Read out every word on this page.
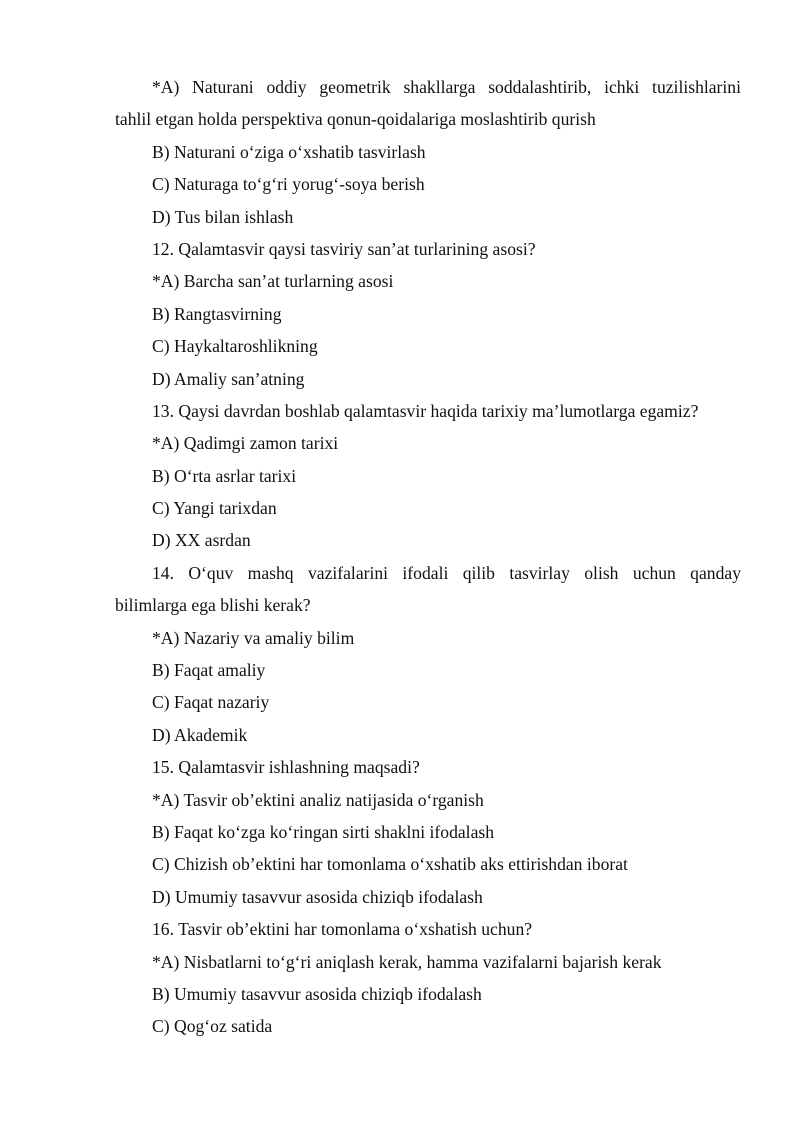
*A) Naturani oddiy geometrik shakllarga soddalashtirib, ichki tuzilishlarini
tahlil etgan holda perspektiva qonun-qoidalariga moslashtirib qurish
B) Naturani o‘ziga o‘xshatib tasvirlash
C) Naturaga to‘g‘ri yorug‘-soya berish
D) Tus bilan ishlash
12. Qalamtasvir qaysi tasviriy san’at turlarining asosi?
*A) Barcha san’at turlarning asosi
B) Rangtasvirning
C) Haykaltaroshlikning
D) Amaliy san’atning
13. Qaysi davrdan boshlab qalamtasvir haqida tarixiy ma’lumotlarga egamiz?
*A) Qadimgi zamon tarixi
B) O‘rta asrlar tarixi
C) Yangi tarixdan
D) XX asrdan
14. O‘quv mashq vazifalarini ifodali qilib tasvirlay olish uchun qanday
bilimlarga ega blishi kerak?
*A) Nazariy va amaliy bilim
B) Faqat amaliy
C) Faqat nazariy
D) Akademik
15. Qalamtasvir ishlashning maqsadi?
*A) Tasvir ob’ektini analiz natijasida o‘rganish
B) Faqat ko‘zga ko‘ringan sirti shaklni ifodalash
C) Chizish ob’ektini har tomonlama o‘xshatib aks ettirishdan iborat
D) Umumiy tasavvur asosida chiziqb ifodalash
16. Tasvir ob’ektini har tomonlama o‘xshatish uchun?
*A) Nisbatlarni to‘g‘ri aniqlash kerak, hamma vazifalarni bajarish kerak
B) Umumiy tasavvur asosida chiziqb ifodalash
C) Qog‘oz satida
